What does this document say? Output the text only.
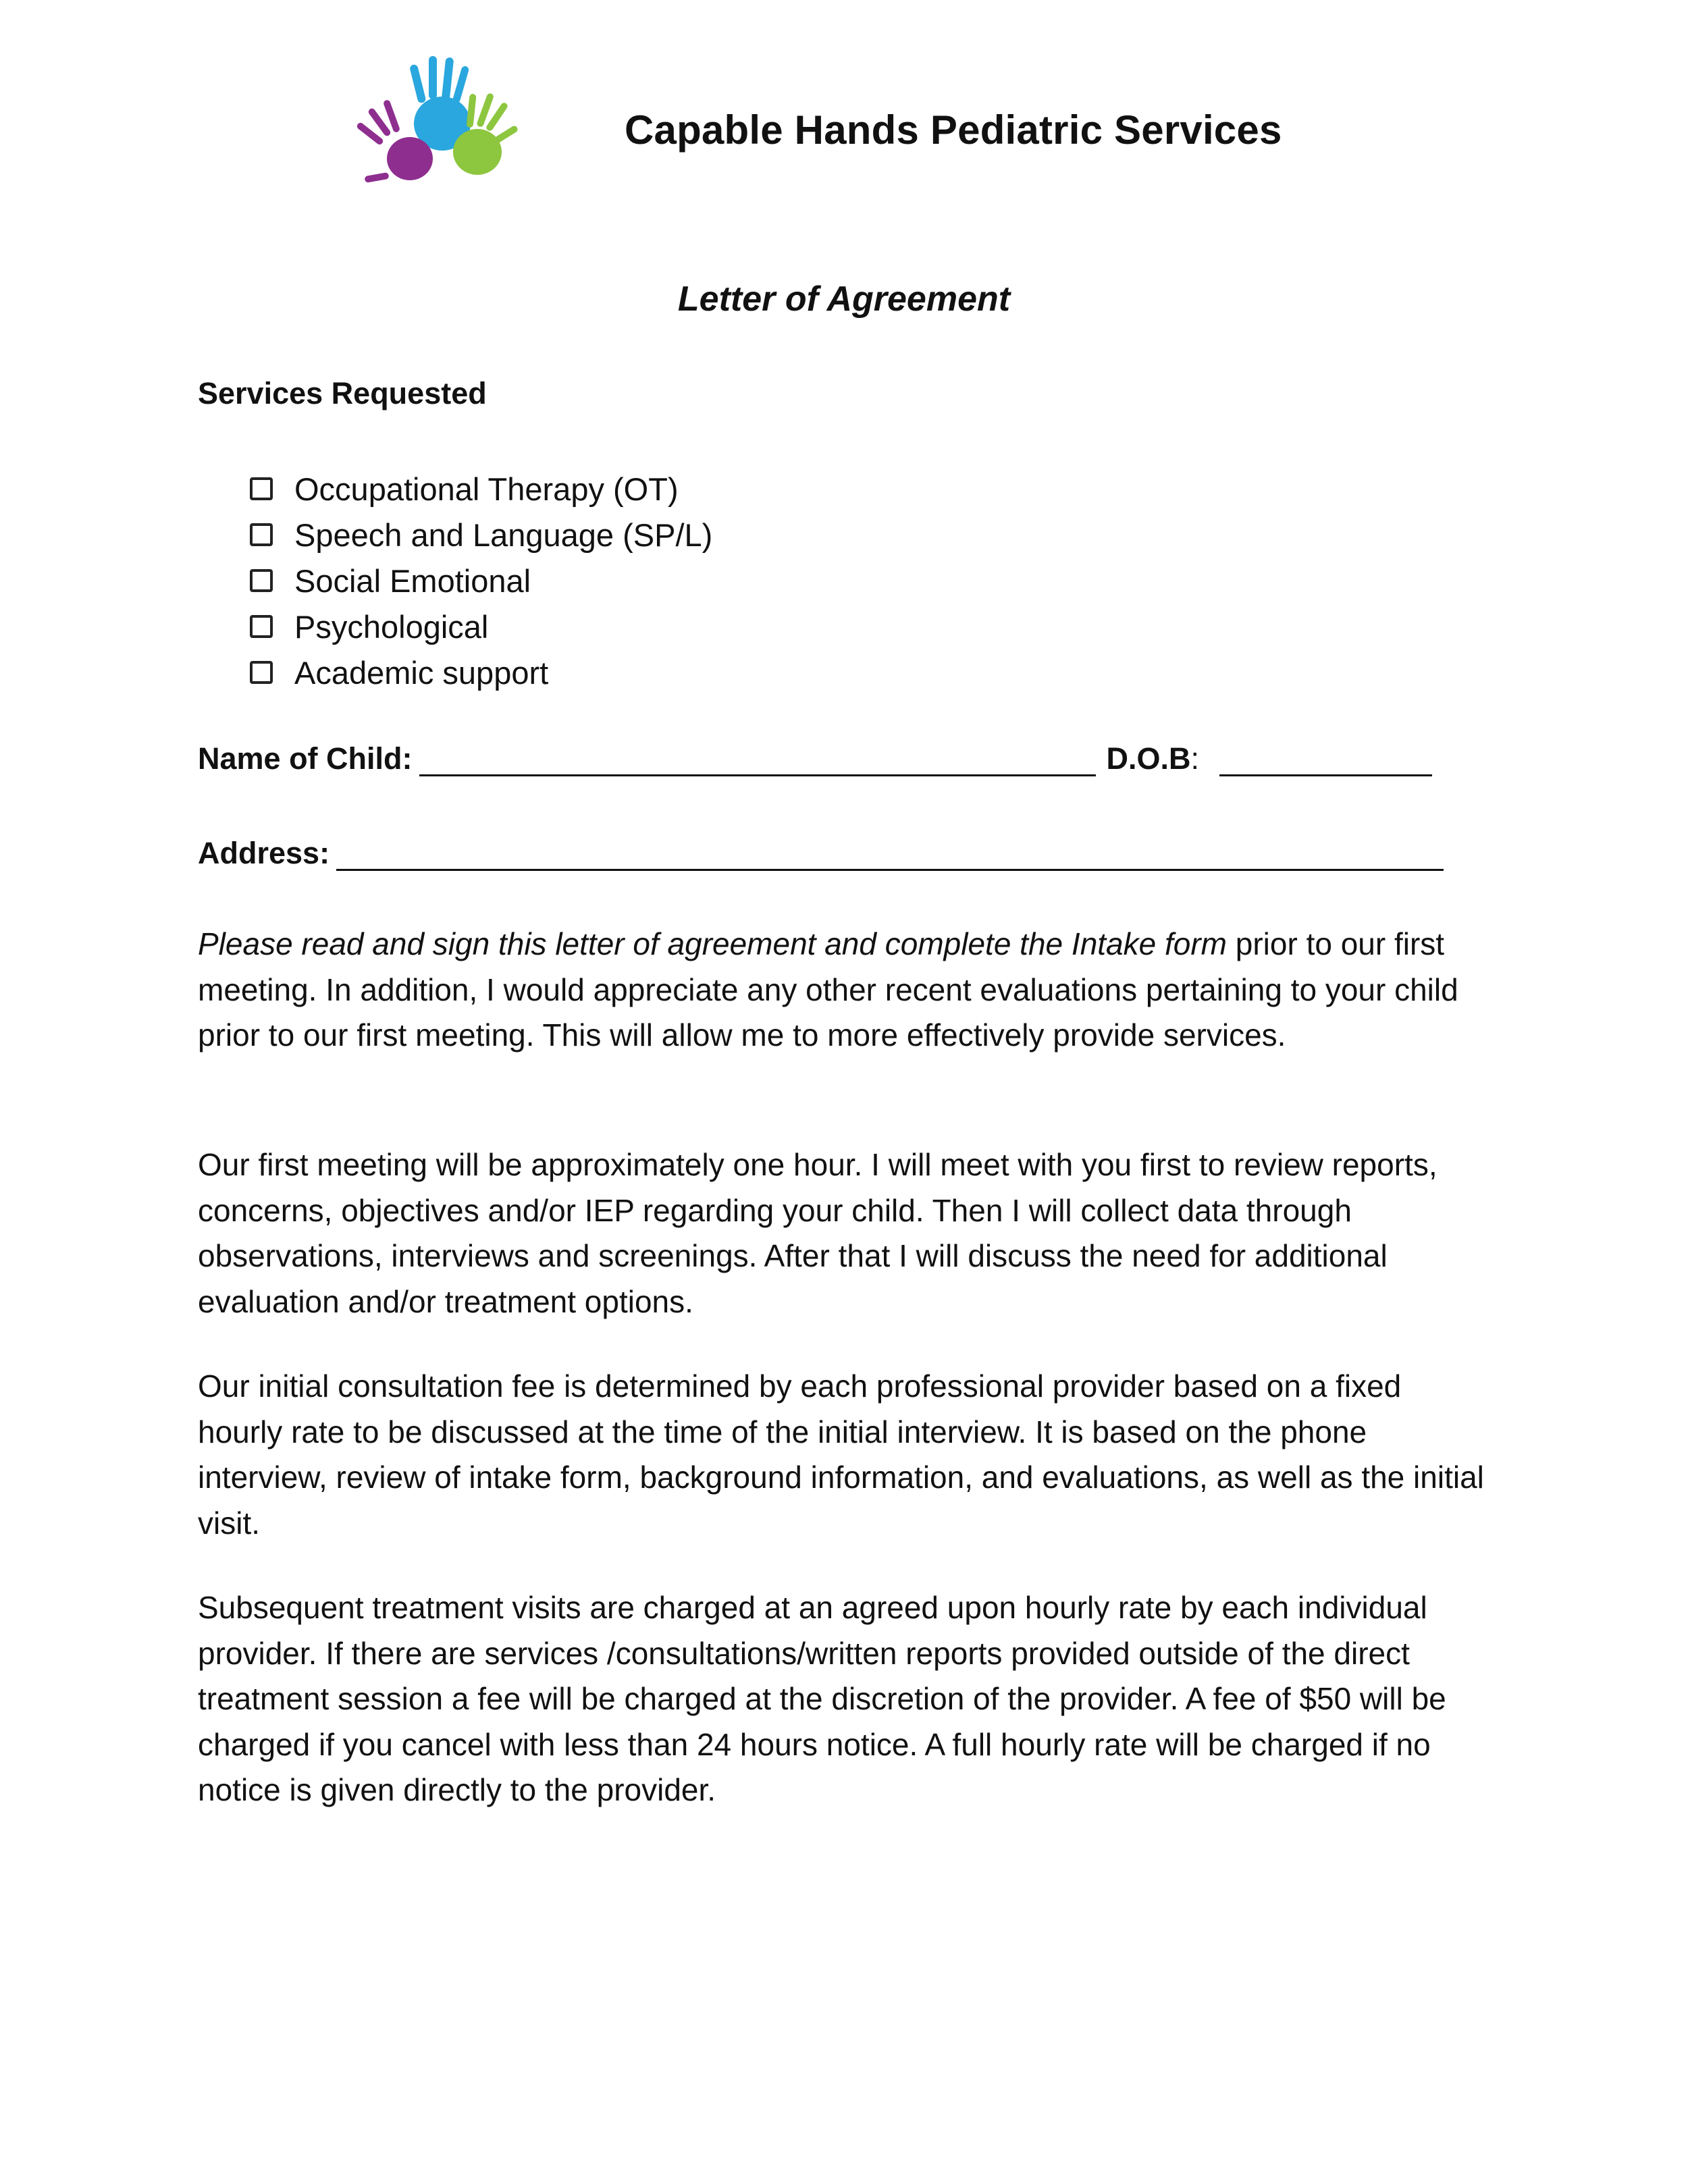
Capable Hands Pediatric Services
Letter of Agreement
Services Requested
Occupational Therapy (OT)
Speech and Language (SP/L)
Social Emotional
Psychological
Academic support
Name of Child:	D.O.B:
Address:

Please read and sign this letter of agreement and complete the Intake form prior to our first meeting. In addition, I would appreciate any other recent evaluations pertaining to your child prior to our first meeting. This will allow me to more effectively provide services.

Our first meeting will be approximately one hour. I will meet with you first to review reports, concerns, objectives and/or IEP regarding your child. Then I will collect data through observations, interviews and screenings. After that I will discuss the need for additional evaluation and/or treatment options.

Our initial consultation fee is determined by each professional provider based on a fixed hourly rate to be discussed at the time of the initial interview. It is based on the phone interview, review of intake form, background information, and evaluations, as well as the initial visit.

Subsequent treatment visits are charged at an agreed upon hourly rate by each individual provider. If there are services /consultations/written reports provided outside of the direct treatment session a fee will be charged at the discretion of the provider. A fee of $50 will be charged if you cancel with less than 24 hours notice. A full hourly rate will be charged if no notice is given directly to the provider.
